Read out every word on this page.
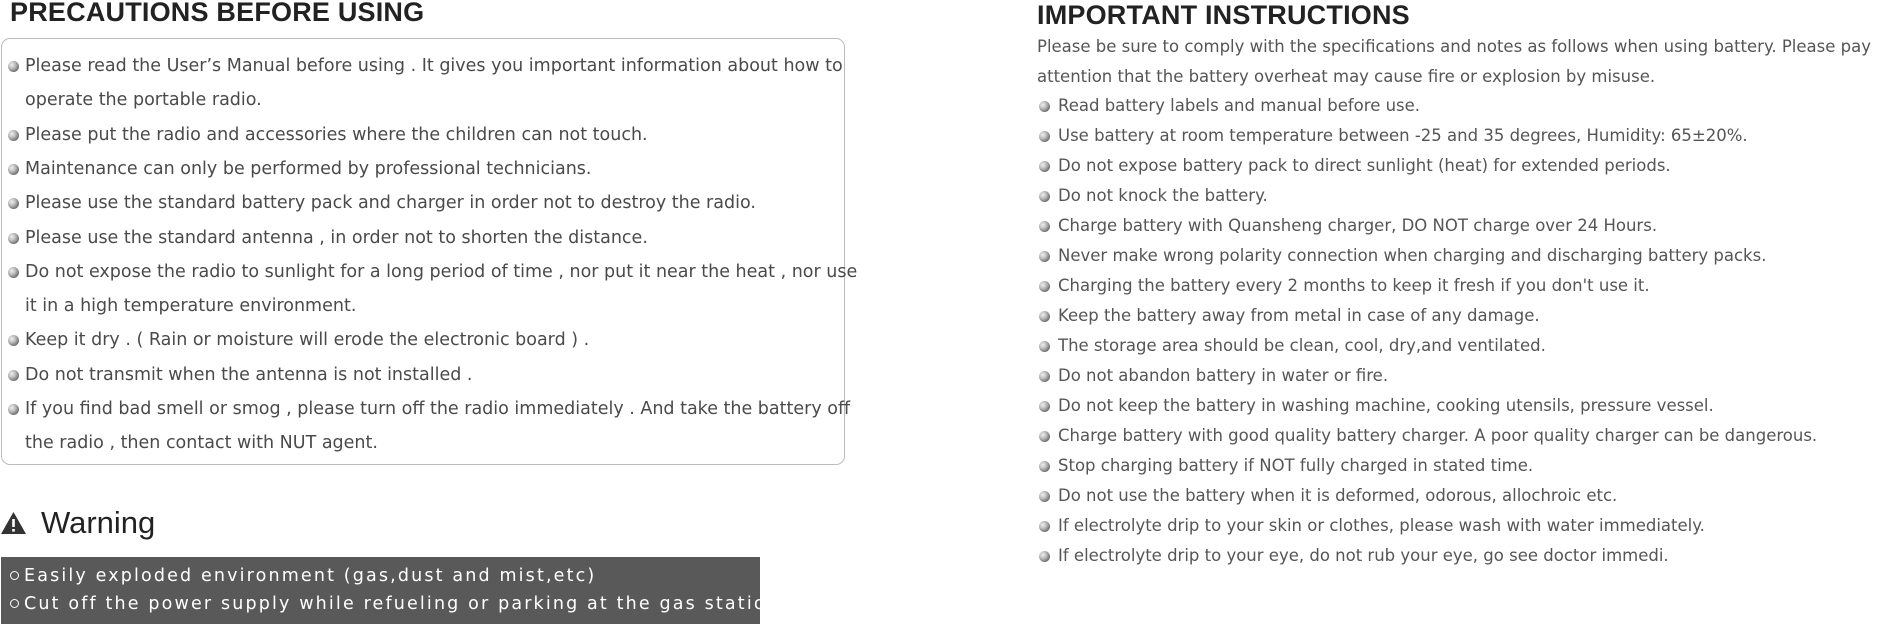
PRECAUTIONS BEFORE USING
Please read the User’s Manual before using . It gives you important information about how to
operate the portable radio.
Please put the radio and accessories where the children can not touch.
Maintenance can only be performed by professional technicians.
Please use the standard battery pack and charger in order not to destroy the radio.
Please use the standard antenna , in order not to shorten the distance.
Do not expose the radio to sunlight for a long period of time , nor put it near the heat , nor use
it in a high temperature environment.
Keep it dry . ( Rain or moisture will erode the electronic board ) .
Do not transmit when the antenna is not installed .
If you find bad smell or smog , please turn off the radio immediately . And take the battery off
the radio , then contact with NUT agent.
Warning
Easily exploded environment (gas,dust and mist,etc)
Cut off the power supply while refueling or parking at the gas station.
IMPORTANT INSTRUCTIONS
Please be sure to comply with the specifications and notes as follows when using battery. Please pay
attention that the battery overheat may cause fire or explosion by misuse.
Read battery labels and manual before use.
Use battery at room temperature between -25 and 35 degrees, Humidity: 65±20%.
Do not expose battery pack to direct sunlight (heat) for extended periods.
Do not knock the battery.
Charge battery with Quansheng charger, DO NOT charge over 24 Hours.
Never make wrong polarity connection when charging and discharging battery packs.
Charging the battery every 2 months to keep it fresh if you don't use it.
Keep the battery away from metal in case of any damage.
The storage area should be clean, cool, dry,and ventilated.
Do not abandon battery in water or fire.
Do not keep the battery in washing machine, cooking utensils, pressure vessel.
Charge battery with good quality battery charger. A poor quality charger can be dangerous.
Stop charging battery if NOT fully charged in stated time.
Do not use the battery when it is deformed, odorous, allochroic etc.
If electrolyte drip to your skin or clothes, please wash with water immediately.
If electrolyte drip to your eye, do not rub your eye, go see doctor immedi.
